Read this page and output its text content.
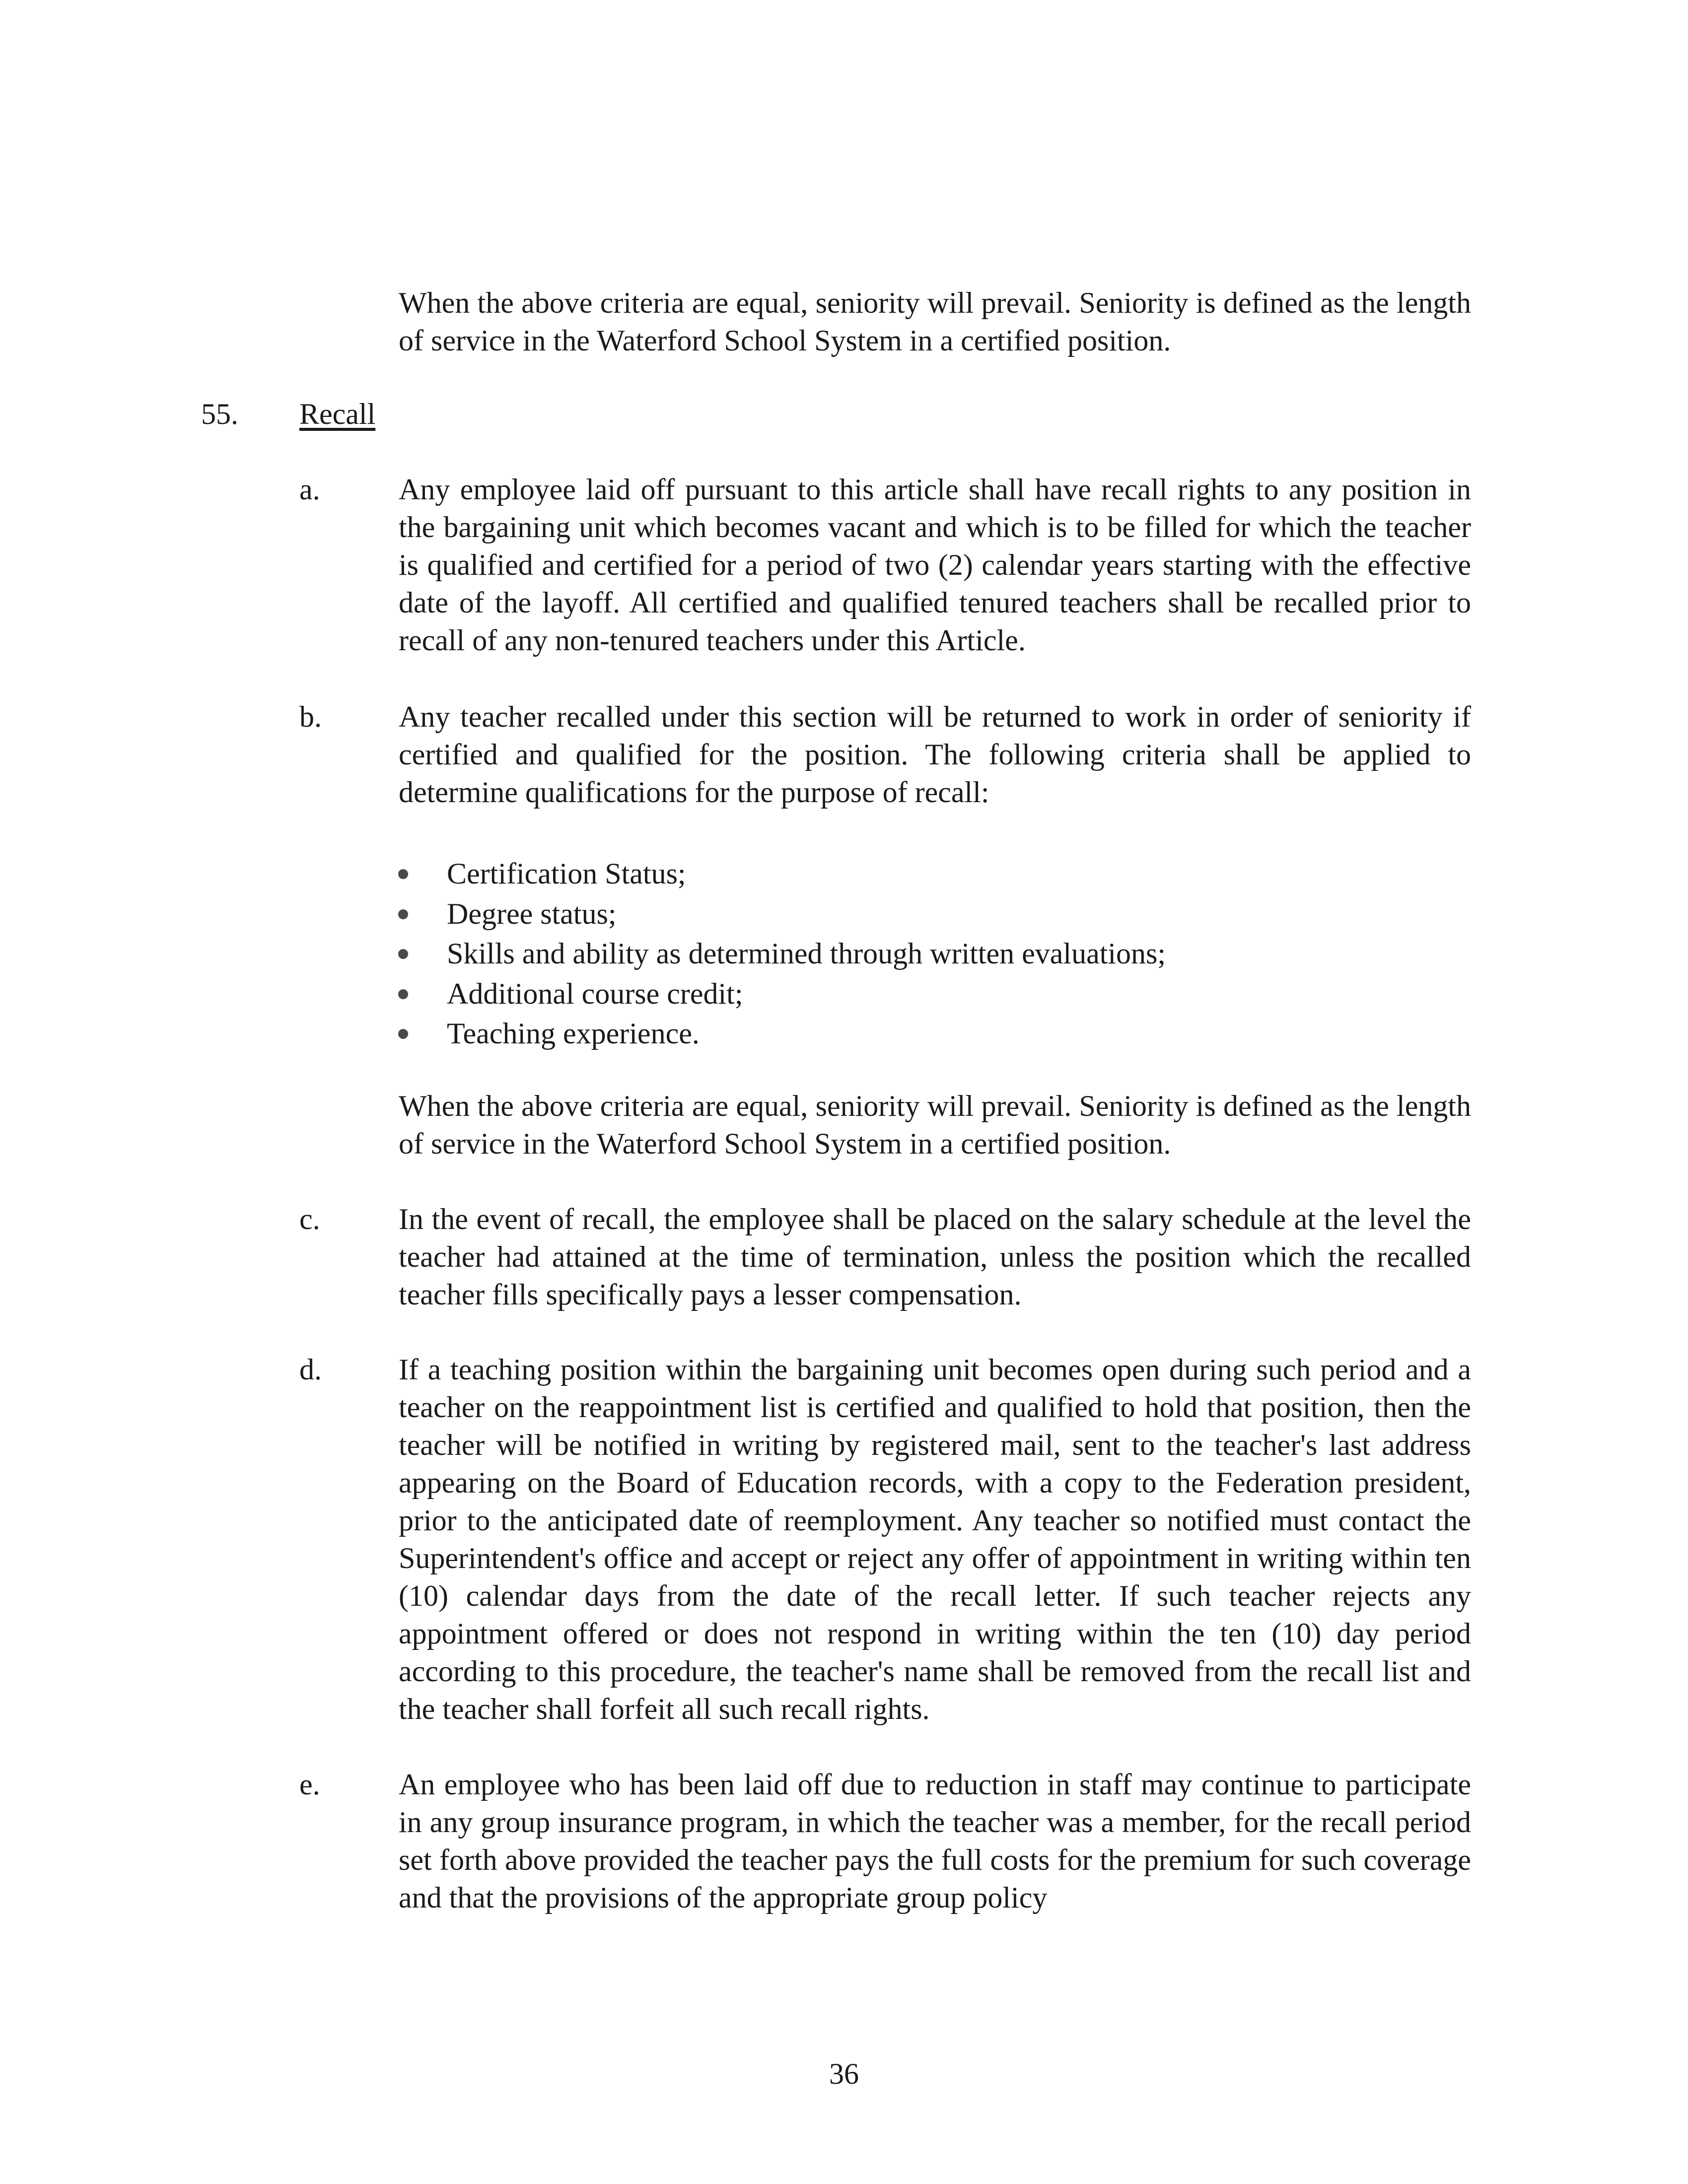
When the above criteria are equal, seniority will prevail. Seniority is defined as the length of service in the Waterford School System in a certified position.

55. Recall
a.	Any employee laid off pursuant to this article shall have recall rights to any position in the bargaining unit which becomes vacant and which is to be filled for which the teacher is qualified and certified for a period of two (2) calendar years starting with the effective date of the layoff. All certified and qualified tenured teachers shall be recalled prior to recall of any non-tenured teachers under this Article.

b.	Any teacher recalled under this section will be returned to work in order of seniority if certified and qualified for the position. The following criteria shall be applied to determine qualifications for the purpose of recall:

Certification Status;
Degree status;
Skills and ability as determined through written evaluations;
Additional course credit;
Teaching experience.

When the above criteria are equal, seniority will prevail. Seniority is defined as the length of service in the Waterford School System in a certified position.

c.	In the event of recall, the employee shall be placed on the salary schedule at the level the teacher had attained at the time of termination, unless the position which the recalled teacher fills specifically pays a lesser compensation.

d.	If a teaching position within the bargaining unit becomes open during such period and a teacher on the reappointment list is certified and qualified to hold that position, then the teacher will be notified in writing by registered mail, sent to the teacher's last address appearing on the Board of Education records, with a copy to the Federation president, prior to the anticipated date of reemployment. Any teacher so notified must contact the Superintendent's office and accept or reject any offer of appointment in writing within ten (10) calendar days from the date of the recall letter. If such teacher rejects any appointment offered or does not respond in writing within the ten (10) day period according to this procedure, the teacher's name shall be removed from the recall list and the teacher shall forfeit all such recall rights.

e.	An employee who has been laid off due to reduction in staff may continue to participate in any group insurance program, in which the teacher was a member, for the recall period set forth above provided the teacher pays the full costs for the premium for such coverage and that the provisions of the appropriate group policy

36
